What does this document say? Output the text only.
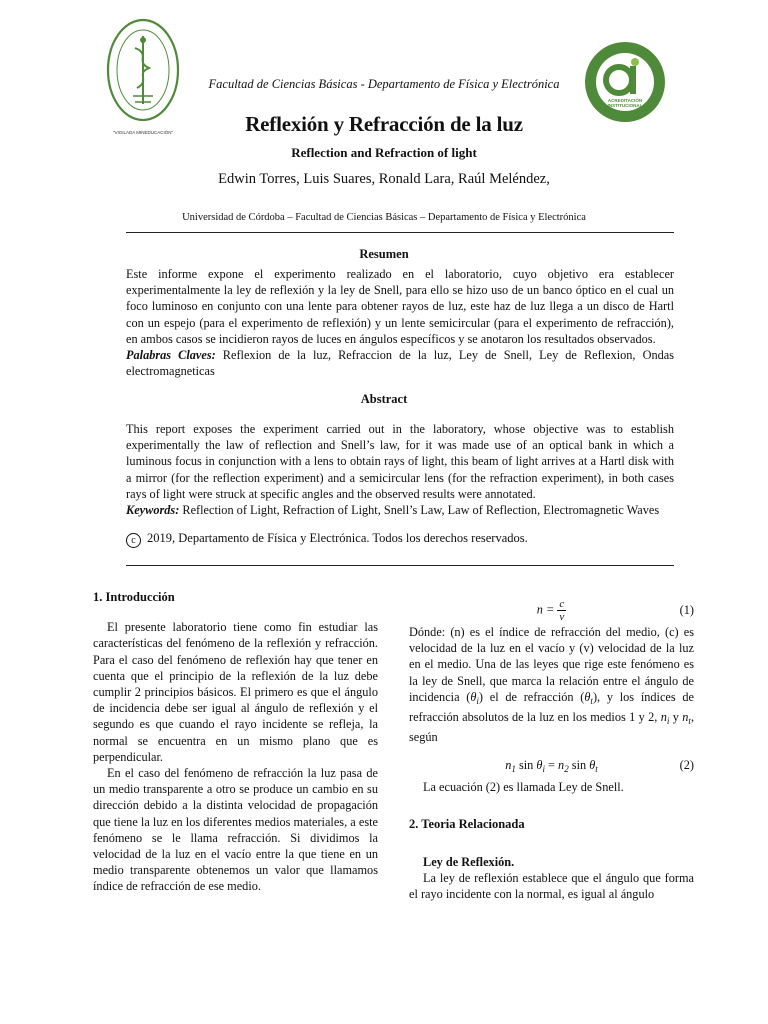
"VIGILADA MINEDUCACIÓN"
Facultad de Ciencias Básicas - Departamento de Física y Electrónica
ACREDITACIÓN
INSTITUCIONAL
Reflexión y Refracción de la luz
Reflection and Refraction of light
Edwin Torres, Luis Suares, Ronald Lara, Raúl Meléndez,
Universidad de Córdoba – Facultad de Ciencias Básicas – Departamento de Física y Electrónica
Resumen
Este informe expone el experimento realizado en el laboratorio, cuyo objetivo era establecer experimentalmente la ley de reflexión y la ley de Snell, para ello se hizo uso de un banco óptico en el cual un foco luminoso en conjunto con una lente para obtener rayos de luz, este haz de luz llega a un disco de Hartl con un espejo (para el experimento de reflexión) y un lente semicircular (para el experimento de refracción), en ambos casos se incidieron rayos de luces en ángulos específicos y se anotaron los resultados observados.
Palabras Claves: Reflexion de la luz, Refraccion de la luz, Ley de Snell, Ley de Reflexion, Ondas electromagneticas
Abstract
This report exposes the experiment carried out in the laboratory, whose objective was to establish experimentally the law of reflection and Snell’s law, for it was made use of an optical bank in which a luminous focus in conjunction with a lens to obtain rays of light, this beam of light arrives at a Hartl disk with a mirror (for the reflection experiment) and a semicircular lens (for the refraction experiment), in both cases rays of light were struck at specific angles and the observed results were annotated.
Keywords: Reflection of Light, Refraction of Light, Snell’s Law, Law of Reflection, Electromagnetic Waves
c 2019, Departamento de Física y Electrónica. Todos los derechos reservados.

1. Introducción

El presente laboratorio tiene como fin estudiar las características del fenómeno de la reflexión y refracción. Para el caso del fenómeno de reflexión hay que tener en cuenta que el principio de la reflexión de la luz debe cumplir 2 principios básicos. El primero es que el ángulo de incidencia debe ser igual al ángulo de reflexión y el segundo es que cuando el rayo incidente se refleja, la normal se encuentra en un mismo plano que es perpendicular.

En el caso del fenómeno de refracción la luz pasa de un medio transparente a otro se produce un cambio en su dirección debido a la distinta velocidad de propagación que tiene la luz en los diferentes medios materiales, a este fenómeno se le llama refracción. Si dividimos la velocidad de la luz en el vacío entre la que tiene en un medio transparente obtenemos un valor que llamamos índice de refracción de ese medio.

$n = \frac{c}{v}$	(1)

Dónde: (n) es el índice de refracción del medio, (c) es velocidad de la luz en el vacío y (v) velocidad de la luz en el medio. Una de las leyes que rige este fenómeno es la ley de Snell, que marca la relación entre el ángulo de incidencia $(\theta_i)$ el de refracción $(\theta_t)$, y los índices de refracción absolutos de la luz en los medios 1 y 2, $n_i$ y $n_t$, según

$n_1$ $\sin \theta_i = n_2$ $\sin \theta_t$	(2)

La ecuación (2) es llamada Ley de Snell.

2. Teoria Relacionada

Ley de Reflexión.

La ley de reflexión establece que el ángulo que forma el rayo incidente con la normal, es igual al ángulo
